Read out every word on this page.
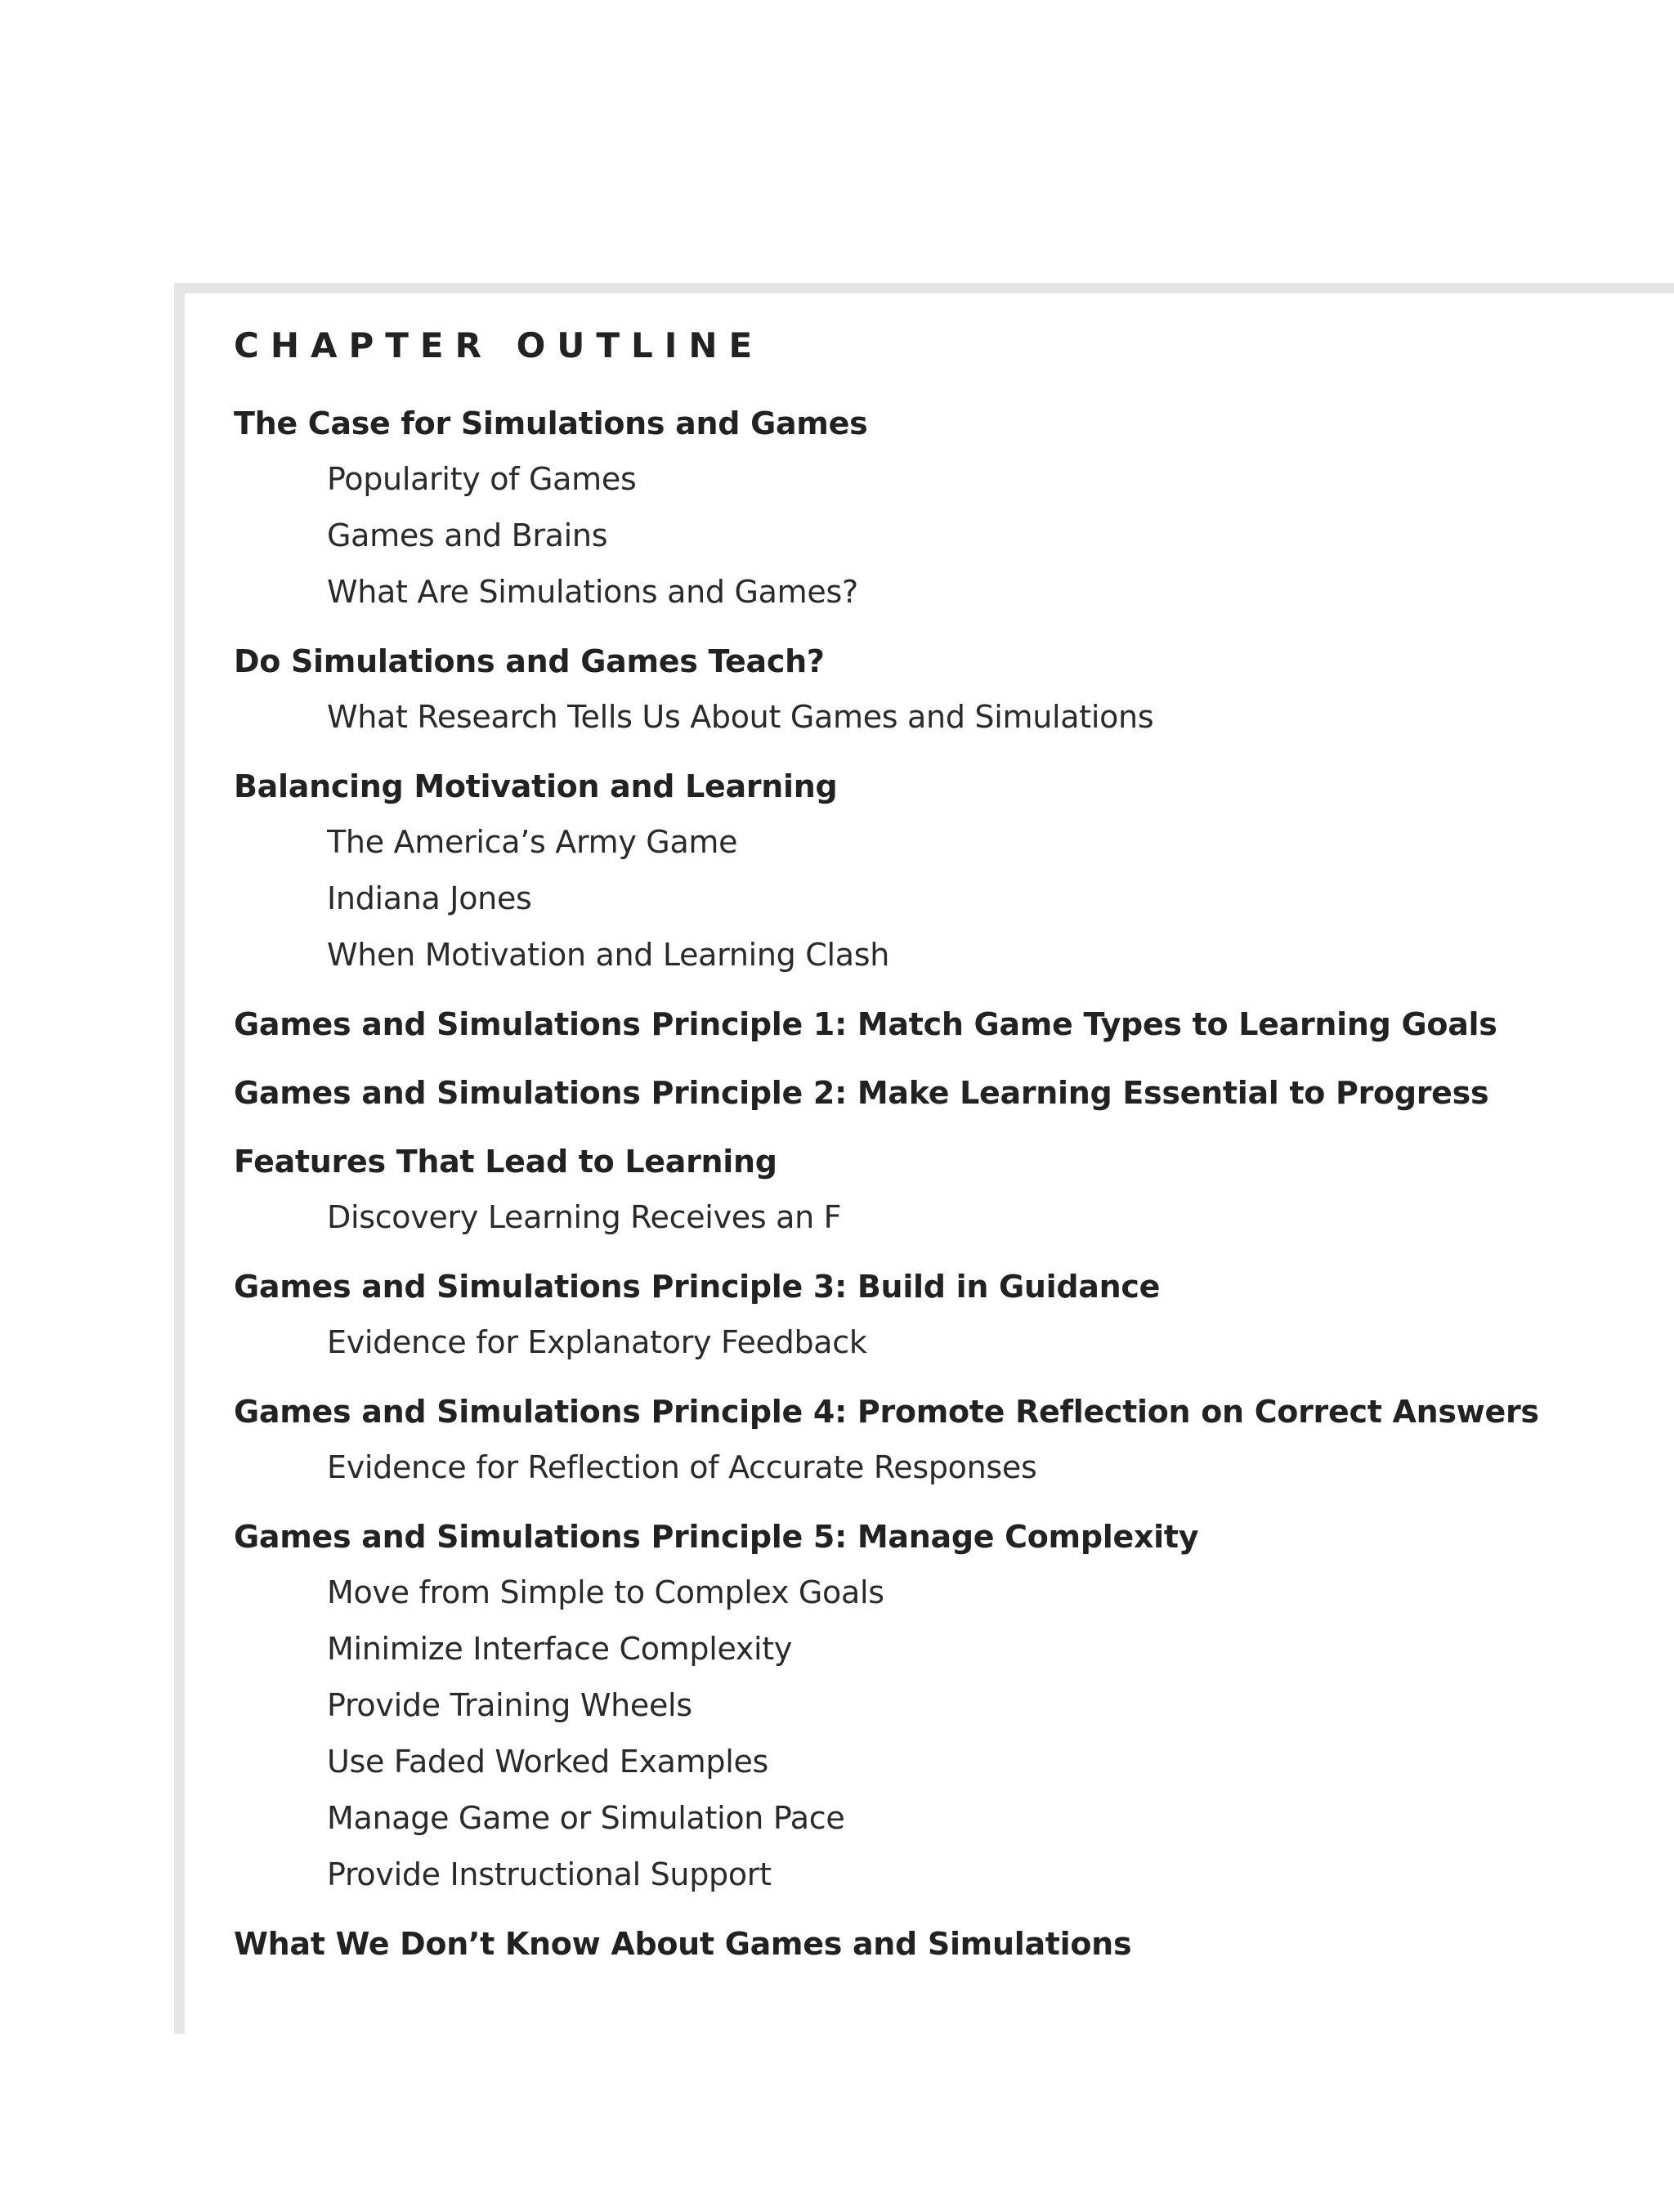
CHAPTER OUTLINE
The Case for Simulations and Games
Popularity of Games
Games and Brains
What Are Simulations and Games?
Do Simulations and Games Teach?
What Research Tells Us About Games and Simulations
Balancing Motivation and Learning
The America’s Army Game
Indiana Jones
When Motivation and Learning Clash
Games and Simulations Principle 1: Match Game Types to Learning Goals
Games and Simulations Principle 2: Make Learning Essential to Progress
Features That Lead to Learning
Discovery Learning Receives an F
Games and Simulations Principle 3: Build in Guidance
Evidence for Explanatory Feedback
Games and Simulations Principle 4: Promote Reflection on Correct Answers
Evidence for Reflection of Accurate Responses
Games and Simulations Principle 5: Manage Complexity
Move from Simple to Complex Goals
Minimize Interface Complexity
Provide Training Wheels
Use Faded Worked Examples
Manage Game or Simulation Pace
Provide Instructional Support
What We Don’t Know About Games and Simulations
